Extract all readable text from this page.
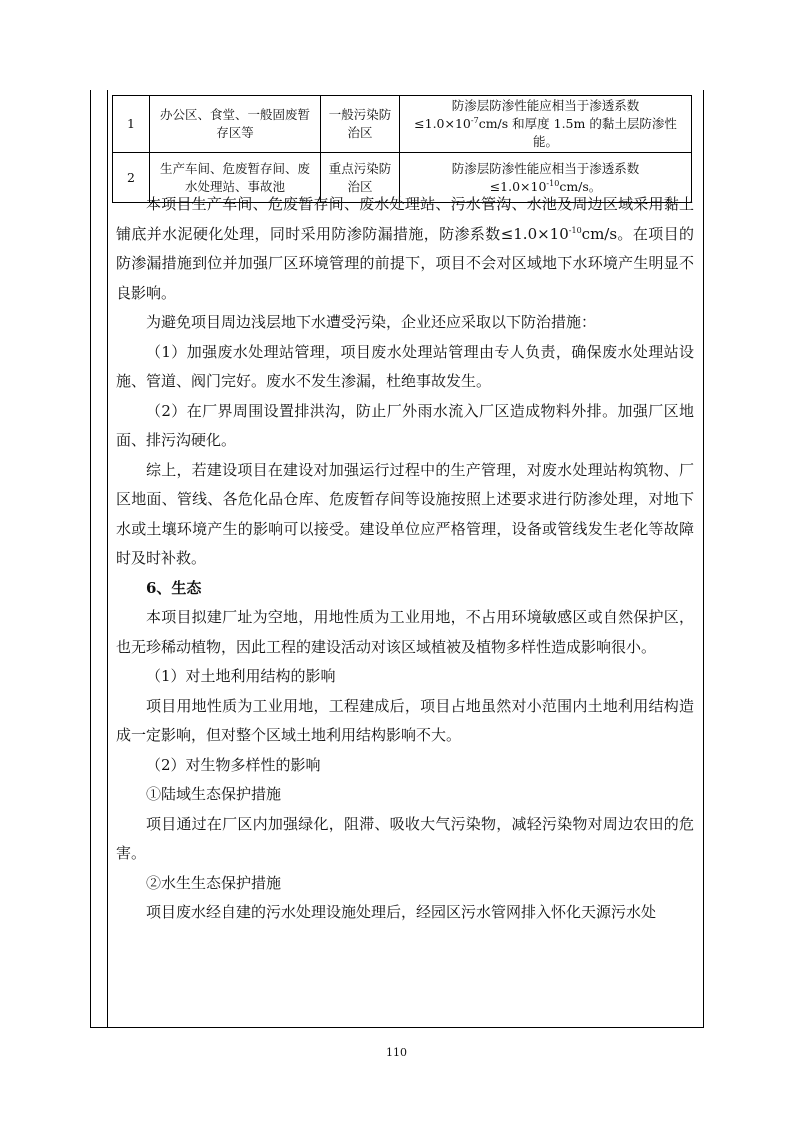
1	办公区、食堂、一般固废暂存区等	一般污染防治区	防渗层防渗性能应相当于渗透系数
$\le 1.0\times 10^{-7}cm/s$ 和厚度 1.5m 的黏土层防渗性能。

2	生产车间、危废暂存间、废水处理站、事故池	重点污染防治区	防渗层防渗性能应相当于渗透系数
$\le 1.0\times 10^{-10}cm/s$。

本项目生产车间、危废暂存间、废水处理站、污水管沟、水池及周边区域采用黏土铺底并水泥硬化处理，同时采用防渗防漏措施，防渗系数$\le 1.0\times 10^{-10}cm/s$。在项目的防渗漏措施到位并加强厂区环境管理的前提下，项目不会对区域地下水环境产生明显不良影响。

为避免项目周边浅层地下水遭受污染，企业还应采取以下防治措施：

（1）加强废水处理站管理，项目废水处理站管理由专人负责，确保废水处理站设施、管道、阀门完好。废水不发生渗漏，杜绝事故发生。

（2）在厂界周围设置排洪沟，防止厂外雨水流入厂区造成物料外排。加强厂区地面、排污沟硬化。

综上，若建设项目在建设对加强运行过程中的生产管理，对废水处理站构筑物、厂区地面、管线、各危化品仓库、危废暂存间等设施按照上述要求进行防渗处理，对地下水或土壤环境产生的影响可以接受。建设单位应严格管理，设备或管线发生老化等故障时及时补救。

6、生态

本项目拟建厂址为空地，用地性质为工业用地，不占用环境敏感区或自然保护区，也无珍稀动植物，因此工程的建设活动对该区域植被及植物多样性造成影响很小。

（1）对土地利用结构的影响

项目用地性质为工业用地，工程建成后，项目占地虽然对小范围内土地利用结构造成一定影响，但对整个区域土地利用结构影响不大。

（2）对生物多样性的影响

①陆域生态保护措施

项目通过在厂区内加强绿化，阻滞、吸收大气污染物，减轻污染物对周边农田的危害。

②水生生态保护措施

项目废水经自建的污水处理设施处理后，经园区污水管网排入怀化天源污水处

110
